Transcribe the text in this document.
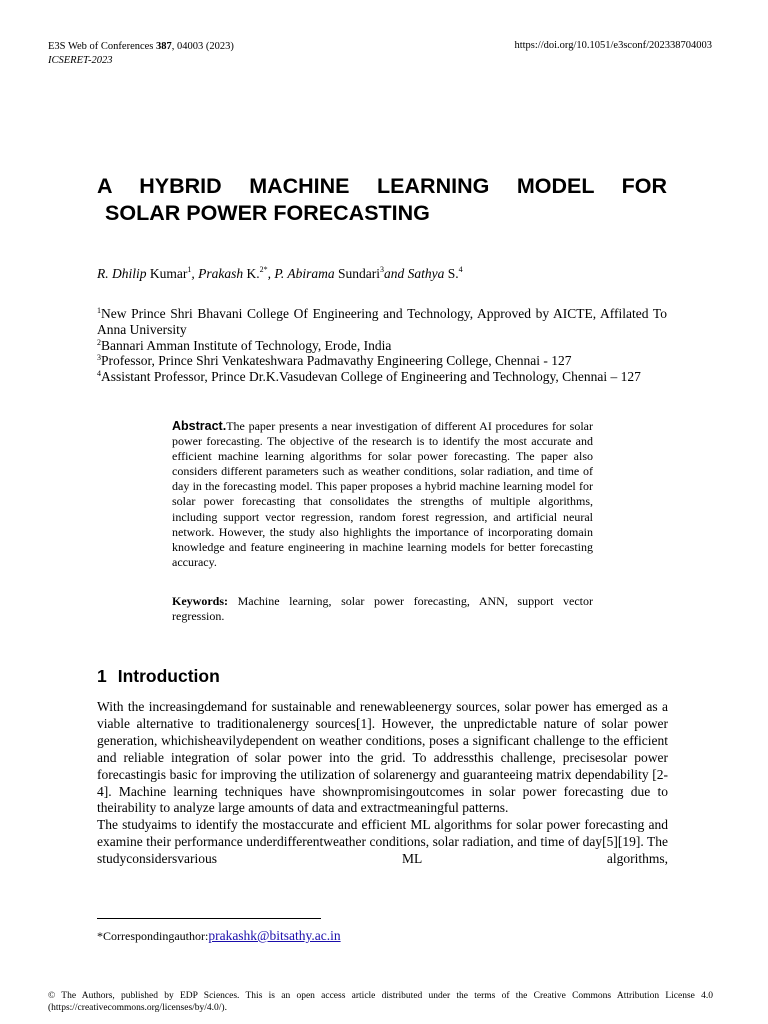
E3S Web of Conferences 387, 04003 (2023)
ICSERET-2023
https://doi.org/10.1051/e3sconf/202338704003
A HYBRID MACHINE LEARNING MODEL FOR
SOLAR POWER FORECASTING
R. Dhilip Kumar$^1$, Prakash K.$^{2*}$, P. Abirama Sundari$^3$and Sathya S.$^4$
$^1$New Prince Shri Bhavani College Of Engineering and Technology, Approved by AICTE, Affilated To Anna University
$^2$Bannari Amman Institute of Technology, Erode, India
$^3$Professor, Prince Shri Venkateshwara Padmavathy Engineering College, Chennai - 127
$^4$Assistant Professor, Prince Dr.K.Vasudevan College of Engineering and Technology, Chennai – 127
Abstract.The paper presents a near investigation of different AI procedures for solar power forecasting. The objective of the research is to identify the most accurate and efficient machine learning algorithms for solar power forecasting. The paper also considers different parameters such as weather conditions, solar radiation, and time of day in the forecasting model. This paper proposes a hybrid machine learning model for solar power forecasting that consolidates the strengths of multiple algorithms, including support vector regression, random forest regression, and artificial neural network. However, the study also highlights the importance of incorporating domain knowledge and feature engineering in machine learning models for better forecasting accuracy.
Keywords: Machine learning, solar power forecasting, ANN, support vector regression.
1 Introduction

With the increasingdemand for sustainable and renewableenergy sources, solar power has emerged as a viable alternative to traditionalenergy sources[1]. However, the unpredictable nature of solar power generation, whichisheavilydependent on weather conditions, poses a significant challenge to the efficient and reliable integration of solar power into the grid. To addressthis challenge, precisesolar power forecastingis basic for improving the utilization of solarenergy and guaranteeing matrix dependability [2-4]. Machine learning techniques have shownpromisingoutcomes in solar power forecasting due to theirability to analyze large amounts of data and extractmeaningful patterns.

The studyaims to identify the mostaccurate and efficient ML algorithms for solar power forecasting and examine their performance underdifferentweather conditions, solar radiation, and time of day[5][19]. The studyconsidersvarious ML algorithms,

*Correspondingauthor:prakashk@bitsathy.ac.in
© The Authors, published by EDP Sciences. This is an open access article distributed under the terms of the Creative Commons Attribution License 4.0 (https://creativecommons.org/licenses/by/4.0/).
